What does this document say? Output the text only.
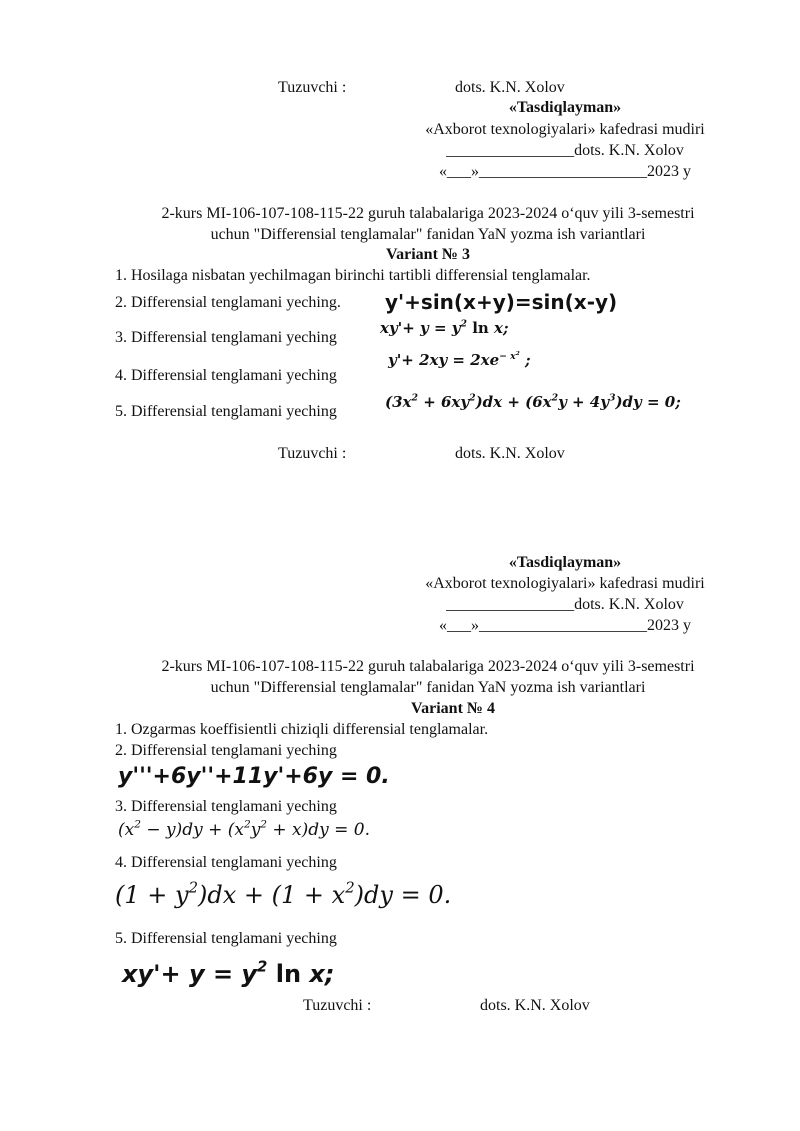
Tuzuvchi :	dots. K.N. Xolov
«Tasdiqlayman»
«Axborot texnologiyalari» kafedrasi mudiri
________________dots. K.N. Xolov
«___»_____________________2023 y
2-kurs MI-106-107-108-115-22 guruh talabalariga 2023-2024 o‘quv yili 3-semestri
uchun "Differensial tenglamalar" fanidan YaN yozma ish variantlari
Variant № 3
1. Hosilaga nisbatan yechilmagan birinchi tartibli differensial tenglamalar.
2. Differensial tenglamani yeching. y'+sin(x+y)=sin(x-y)
3. Differensial tenglamani yeching
$xy'+ y = y^2$ ln x;
4. Differensial tenglamani yeching
$y'+ 2xy = 2xe^{- x^2}$ ;
5. Differensial tenglamani yeching
$(3x^2 + 6xy^2)dx + (6x^2y + 4y^3)dy = 0$;
Tuzuvchi :	dots. K.N. Xolov
«Tasdiqlayman»
«Axborot texnologiyalari» kafedrasi mudiri
________________dots. K.N. Xolov
«___»_____________________2023 y
2-kurs MI-106-107-108-115-22 guruh talabalariga 2023-2024 o‘quv yili 3-semestri
uchun "Differensial tenglamalar" fanidan YaN yozma ish variantlari
Variant № 4
1. Ozgarmas koeffisientli chiziqli differensial tenglamalar.
2. Differensial tenglamani yeching
y'''+6y''+11y'+6y = 0.
3. Differensial tenglamani yeching
$(x^2 - y)dy + (x^2y^2 + x)dy = 0$.
4. Differensial tenglamani yeching
$(1 + y^2)dx + (1 + x^2)dy = 0$.
5. Differensial tenglamani yeching
$xy'+ y = y^2$ ln x;
Tuzuvchi :	dots. K.N. Xolov
